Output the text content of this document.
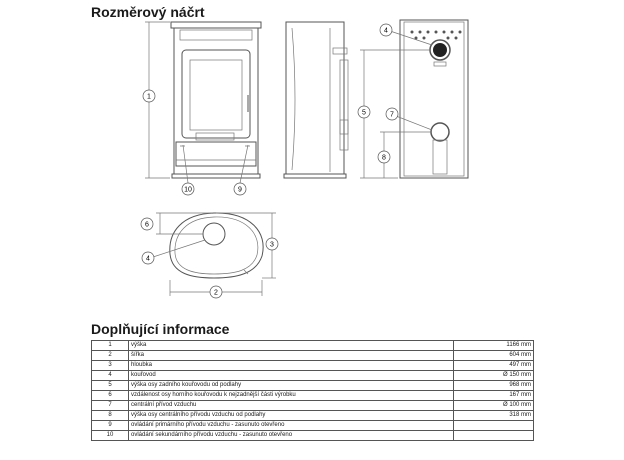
Rozměrový náčrt
1
10	9
5
8
4
7
2
3
6
4
Doplňující informace
1	výška	1166 mm
2	šířka	604 mm
3	hloubka	497 mm
4	kouřovod	Ø 150 mm
5	výška osy zadního kouřovodu od podlahy	968 mm
6	vzdálenost osy horního kouřovodu k nejzadnější části výrobku	167 mm
7	centrální přívod vzduchu	Ø 100 mm
8	výška osy centrálního přívodu vzduchu od podlahy	318 mm
9	ovládání primárního přívodu vzduchu - zasunuto otevřeno	
10	ovládání sekundárního přívodu vzduchu - zasunuto otevřeno	
